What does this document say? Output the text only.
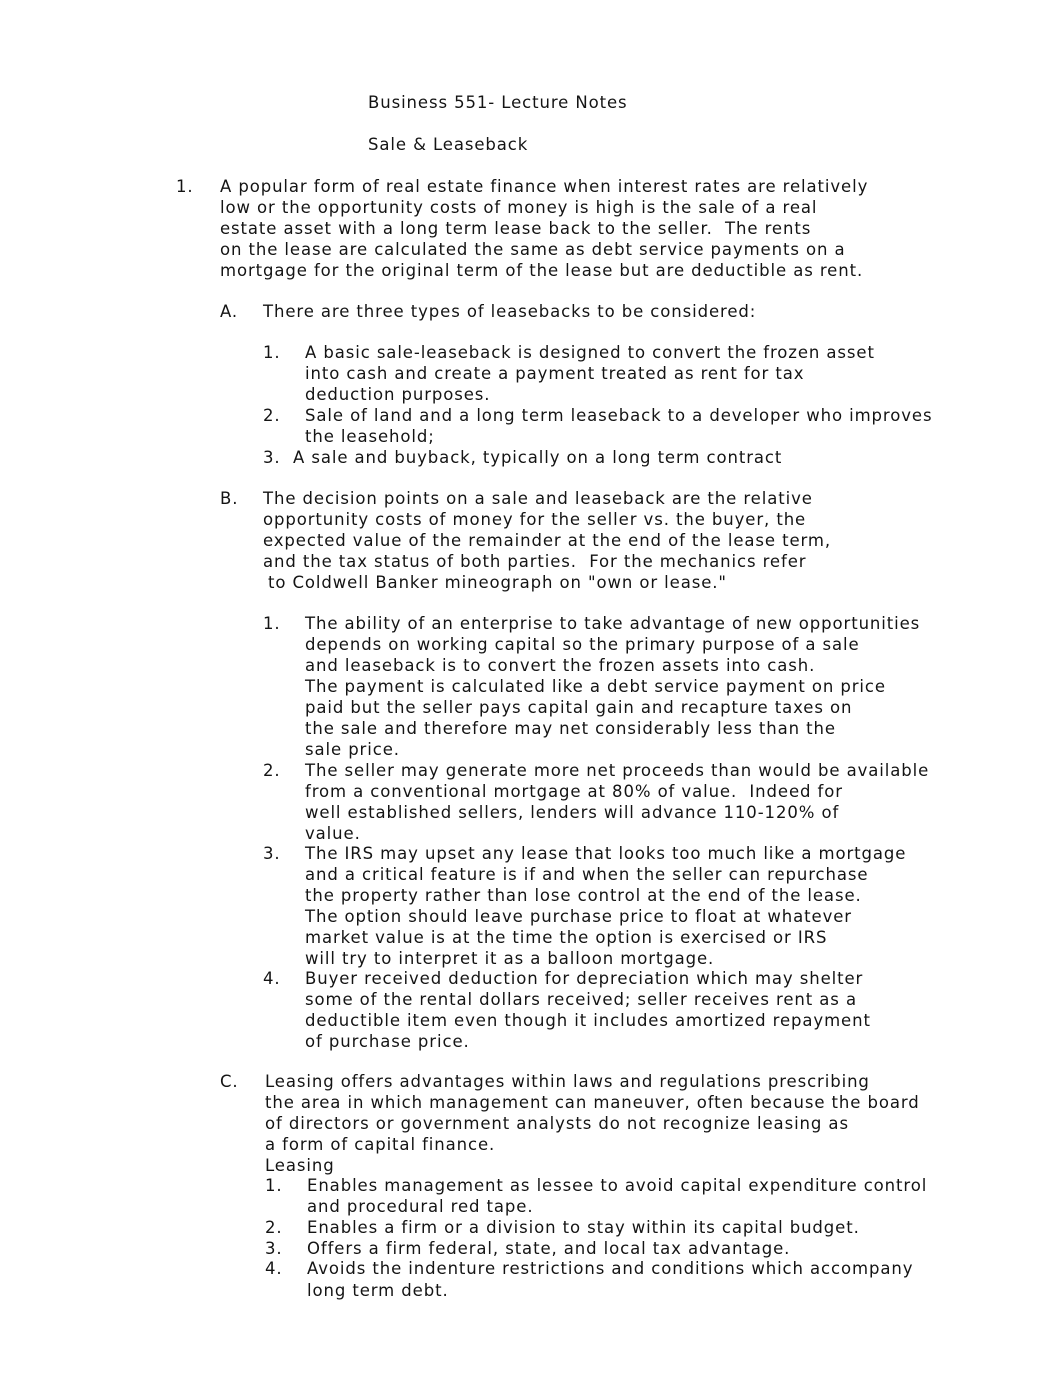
Business 551- Lecture Notes
Sale & Leaseback
1. A popular form of real estate finance when interest rates are relatively
low or the opportunity costs of money is high is the sale of a real
estate asset with a long term lease back to the seller.  The rents
on the lease are calculated the same as debt service payments on a
mortgage for the original term of the lease but are deductible as rent.
A. There are three types of leasebacks to be considered:
1. A basic sale-leaseback is designed to convert the frozen asset
into cash and create a payment treated as rent for tax
deduction purposes.
2. Sale of land and a long term leaseback to a developer who improves
the leasehold;
3. A sale and buyback, typically on a long term contract
B. The decision points on a sale and leaseback are the relative
opportunity costs of money for the seller vs. the buyer, the
expected value of the remainder at the end of the lease term,
and the tax status of both parties.  For the mechanics refer
to Coldwell Banker mineograph on "own or lease."
1. The ability of an enterprise to take advantage of new opportunities
depends on working capital so the primary purpose of a sale
and leaseback is to convert the frozen assets into cash.
The payment is calculated like a debt service payment on price
paid but the seller pays capital gain and recapture taxes on
the sale and therefore may net considerably less than the
sale price.
2. The seller may generate more net proceeds than would be available
from a conventional mortgage at 80% of value.  Indeed for
well established sellers, lenders will advance 110-120% of
value.
3. The IRS may upset any lease that looks too much like a mortgage
and a critical feature is if and when the seller can repurchase
the property rather than lose control at the end of the lease.
The option should leave purchase price to float at whatever
market value is at the time the option is exercised or IRS
will try to interpret it as a balloon mortgage.
4. Buyer received deduction for depreciation which may shelter
some of the rental dollars received; seller receives rent as a
deductible item even though it includes amortized repayment
of purchase price.
C. Leasing offers advantages within laws and regulations prescribing
the area in which management can maneuver, often because the board
of directors or government analysts do not recognize leasing as
a form of capital finance.
Leasing
1. Enables management as lessee to avoid capital expenditure control
and procedural red tape.
2. Enables a firm or a division to stay within its capital budget.
3. Offers a firm federal, state, and local tax advantage.
4. Avoids the indenture restrictions and conditions which accompany
long term debt.
